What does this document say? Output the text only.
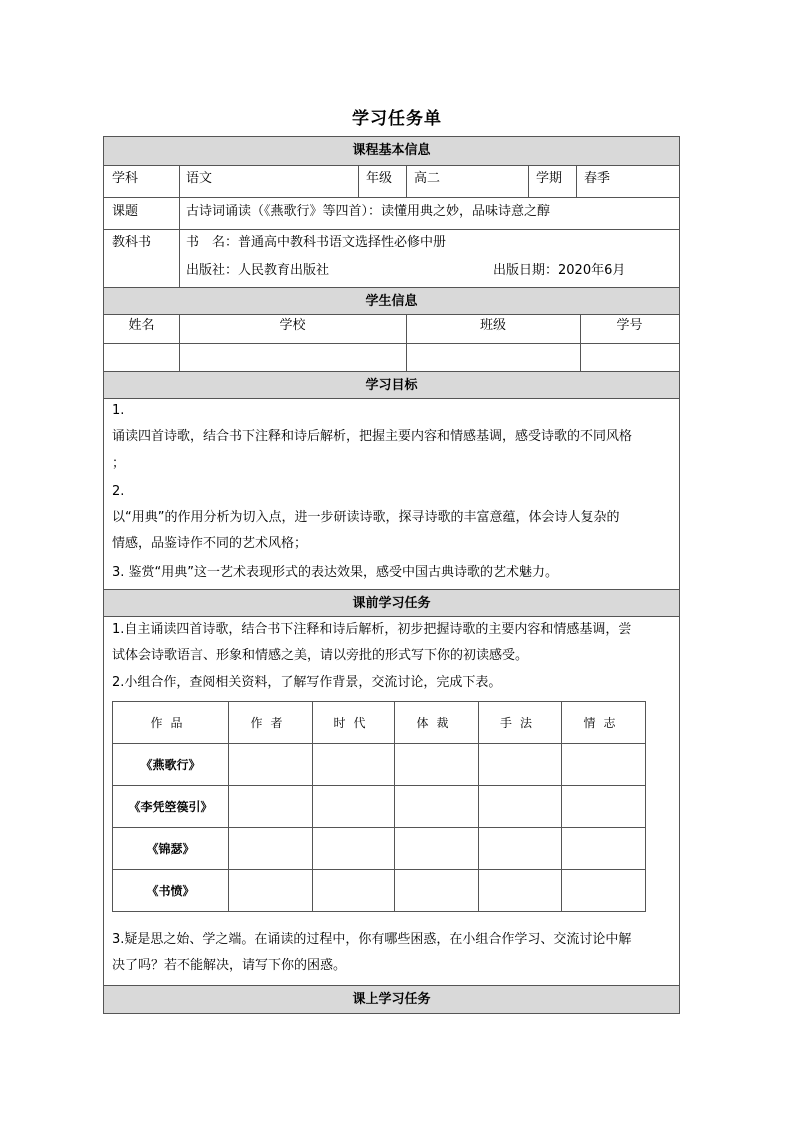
学习任务单
课程基本信息
学科	语文	年级 高二	学期 春季
课题	古诗词诵读（《燕歌行》等四首）：读懂用典之妙，品味诗意之醇
教科书	书　名：普通高中教科书语文选择性必修中册
出版社：人民教育出版社	出版日期：2020年6月
学生信息
姓名	学校	班级	学号
学习目标
1.
诵读四首诗歌，结合书下注释和诗后解析，把握主要内容和情感基调，感受诗歌的不同风格
；
2.
以“用典”的作用分析为切入点，进一步研读诗歌，探寻诗歌的丰富意蕴，体会诗人复杂的
情感，品鉴诗作不同的艺术风格；
3. 鉴赏“用典”这一艺术表现形式的表达效果，感受中国古典诗歌的艺术魅力。
课前学习任务
1.自主诵读四首诗歌，结合书下注释和诗后解析，初步把握诗歌的主要内容和情感基调，尝
试体会诗歌语言、形象和情感之美，请以旁批的形式写下你的初读感受。
2.小组合作，查阅相关资料，了解写作背景，交流讨论，完成下表。
作品	作者	时代	体裁	手法	情志
《燕歌行》					
《李凭箜篌引》					
《锦瑟》					
《书愤》					
3.疑是思之始、学之端。在诵读的过程中，你有哪些困惑，在小组合作学习、交流讨论中解
决了吗？若不能解决，请写下你的困惑。
课上学习任务
